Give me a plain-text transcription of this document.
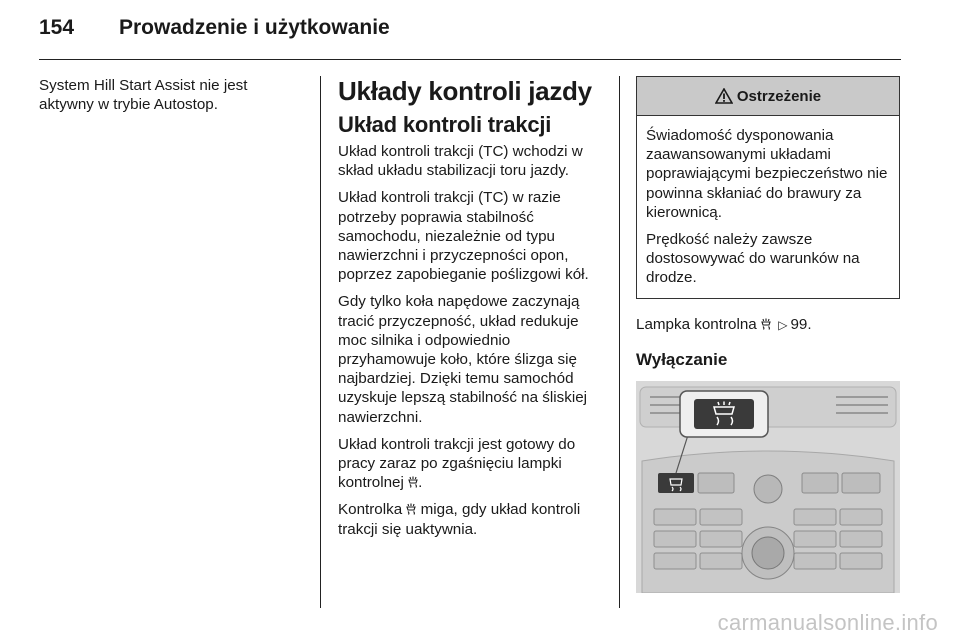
154 Prowadzenie i użytkowanie

System Hill Start Assist nie jest aktywny w trybie Autostop.	Układy kontroli jazdy
Układ kontroli trakcji

Układ kontroli trakcji (TC) wchodzi w skład układu stabilizacji toru jazdy.

Układ kontroli trakcji (TC) w razie potrzeby poprawia stabilność samochodu, niezależnie od typu nawierzchni i przyczepności opon, poprzez zapobieganie poślizgowi kół.

Gdy tylko koła napędowe zaczynają tracić przyczepność, układ redukuje moc silnika i odpowiednio przyhamowuje koło, które ślizga się najbardziej. Dzięki temu samochód uzyskuje lepszą stabilność na śliskiej nawierzchni.

Układ kontroli trakcji jest gotowy do pracy zaraz po zgaśnięciu lampki kontrolnej .

Kontrolka miga, gdy układ kontroli trakcji się uaktywnia.

Ostrzeżenie

Świadomość dysponowania zaawansowanymi układami poprawiającymi bezpieczeństwo nie powinna skłaniać do brawury za kierownicą.

Prędkość należy zawsze dostosowywać do warunków na drodze.

Lampka kontrolna ▷ 99.

Wyłączanie
carmanualsonline.info
